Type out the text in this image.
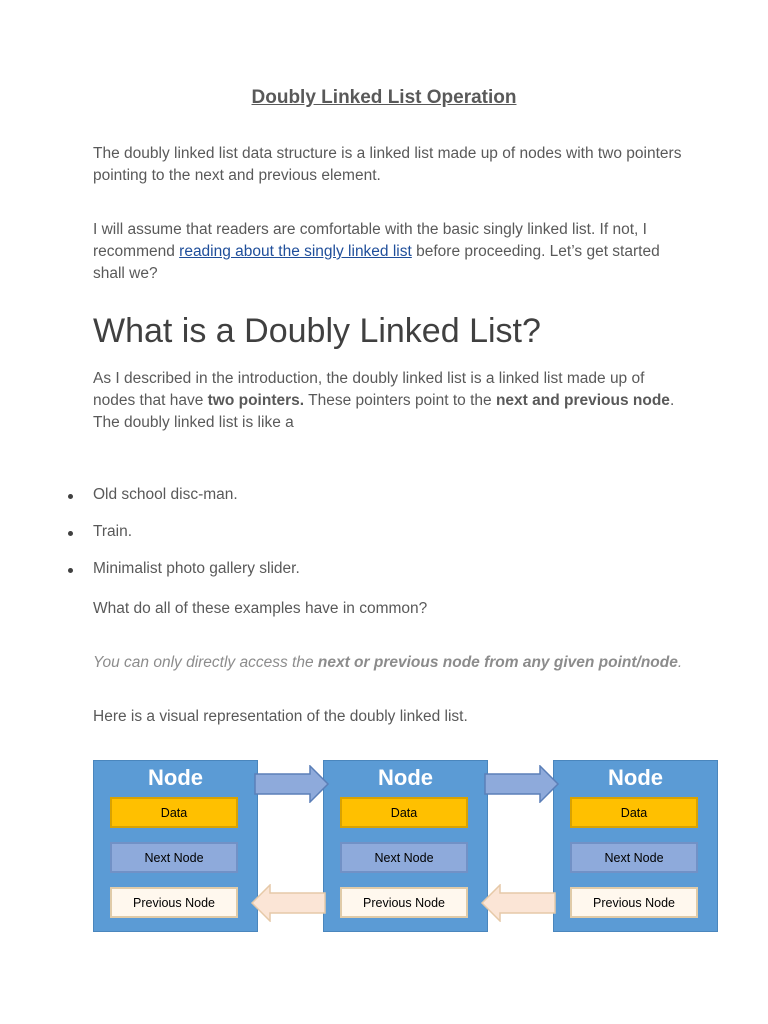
Doubly Linked List Operation

The doubly linked list data structure is a linked list made up of nodes with two pointers pointing to the next and previous element.

I will assume that readers are comfortable with the basic singly linked list. If not, I recommend reading about the singly linked list before proceeding. Let’s get started shall we?

What is a Doubly Linked List?

As I described in the introduction, the doubly linked list is a linked list made up of nodes that have two pointers. These pointers point to the next and previous node.
The doubly linked list is like a

Old school disc-man.
Train.
Minimalist photo gallery slider.

What do all of these examples have in common?

You can only directly access the next or previous node from any given point/node.

Here is a visual representation of the doubly linked list.

Node
Data
Next Node
Previous Node
Node
Data
Next Node
Previous Node
Node
Data
Next Node
Previous Node
